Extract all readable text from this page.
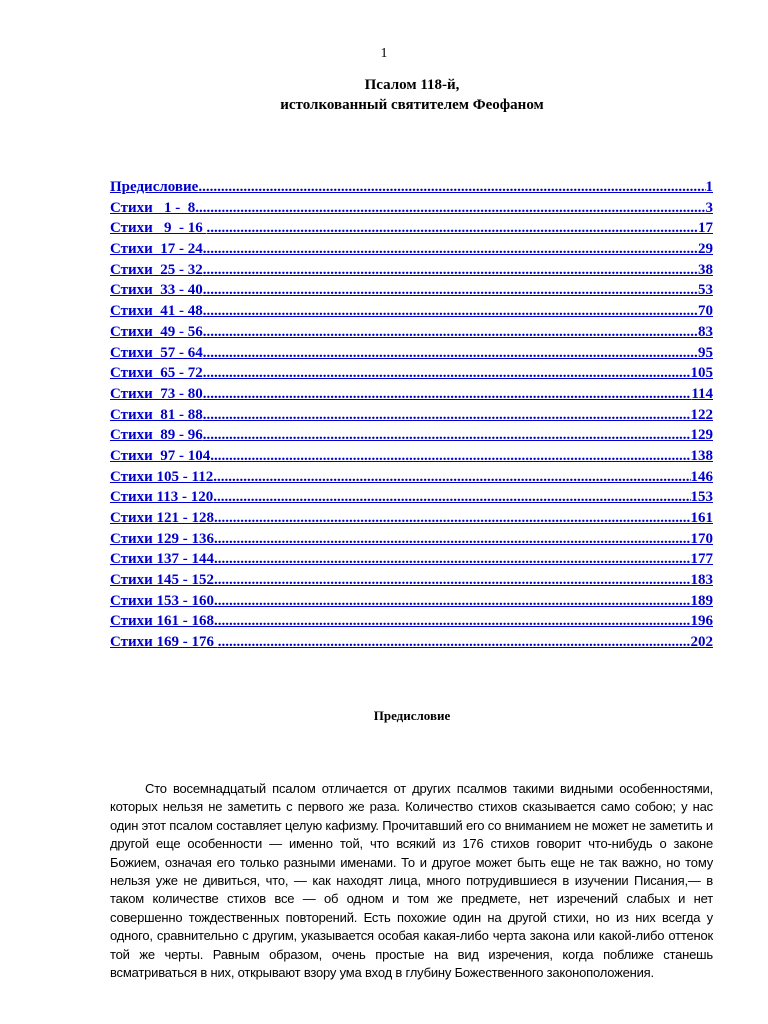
1
Псалом 118-й,
истолкованный святителем Феофаном
Предисловие .....	1
Стихи   1 -  8 .....	3
Стихи   9  - 16 .....	17
Стихи  17 - 24 .....	29
Стихи  25 - 32 .....	38
Стихи  33 - 40 .....	53
Стихи  41 - 48 .....	70
Стихи  49 - 56 .....	83
Стихи  57 - 64 .....	95
Стихи  65 - 72 .....	105
Стихи  73 - 80 .....	114
Стихи  81 - 88 .....	122
Стихи  89 - 96 .....	129
Стихи  97 - 104 .....	138
Стихи 105 - 112 .....	146
Стихи 113 - 120 .....	153
Стихи 121 - 128 .....	161
Стихи 129 - 136 .....	170
Стихи 137 - 144 .....	177
Стихи 145 - 152 .....	183
Стихи 153 - 160 .....	189
Стихи 161 - 168 .....	196
Стихи 169 - 176 .....	202
Предисловие

Сто восемнадцатый псалом отличается от других псалмов такими видными особенностями, которых нельзя не заметить с первого же раза. Количество стихов сказывается само собою; у нас один этот псалом составляет целую кафизму. Прочитавший его со вниманием не может не заметить и другой еще особенности — именно той, что всякий из 176 стихов говорит что-нибудь о законе Божием, означая его только разными именами. То и другое может быть еще не так важно, но тому нельзя уже не дивиться, что, — как находят лица, много потрудившиеся в изучении Писания,— в таком количестве стихов все — об одном и том же предмете, нет изречений слабых и нет совершенно тождественных повторений. Есть похожие один на другой стихи, но из них всегда у одного, сравнительно с другим, указывается особая какая-либо черта закона или какой-либо оттенок той же черты. Равным образом, очень простые на вид изречения, когда поближе станешь всматриваться в них, открывают взору ума вход в глубину Божественного законоположения.
